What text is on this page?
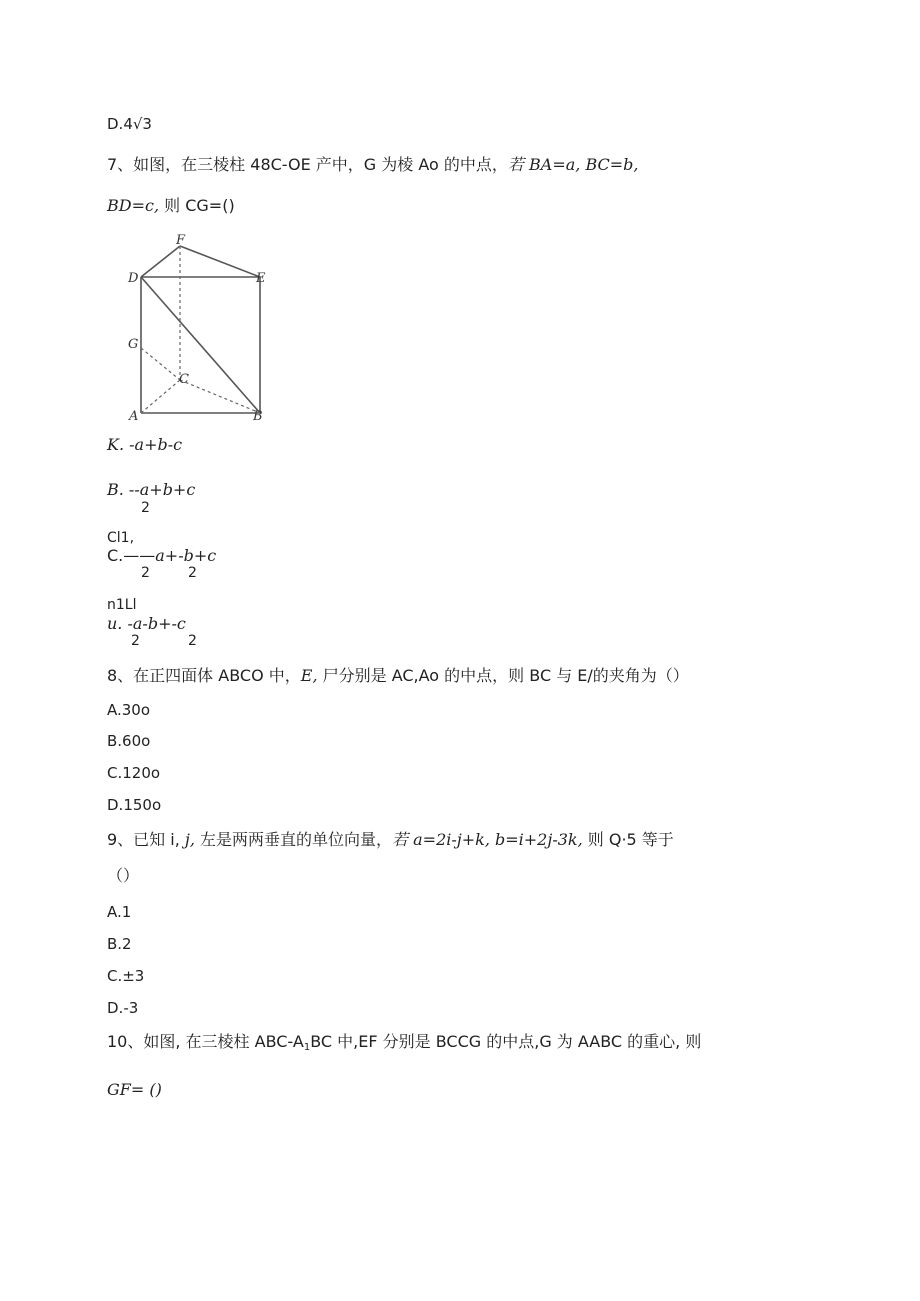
D.4√3
7、如图，在三棱柱 48C-OE 产中，G 为棱 Ao 的中点，若 BA=a, BC=b,
BD=c, 则 CG=()
F
D	E
G
C
A	B
K. -a+b-c
B. --a+b+c
2
Cl1,
C.——a+-b+c
2	2
n1Ll
u. -a-b+-c
2	2
8、在正四面体 ABCO 中，E, 尸分别是 AC,Ao 的中点，则 BC 与 E/的夹角为（）
A.30o
B.60o
C.120o
D.150o
9、已知 i, j, 左是两两垂直的单位向量，若 a=2i-j+k, b=i+2j-3k, 则 Q·5 等于
（）
A.1
B.2
C.±3
D.-3
10、如图, 在三棱柱 ABC-$A_1BC$ 中,EF 分别是 BCCG 的中点,G 为 AABC 的重心, 则
GF= ()
